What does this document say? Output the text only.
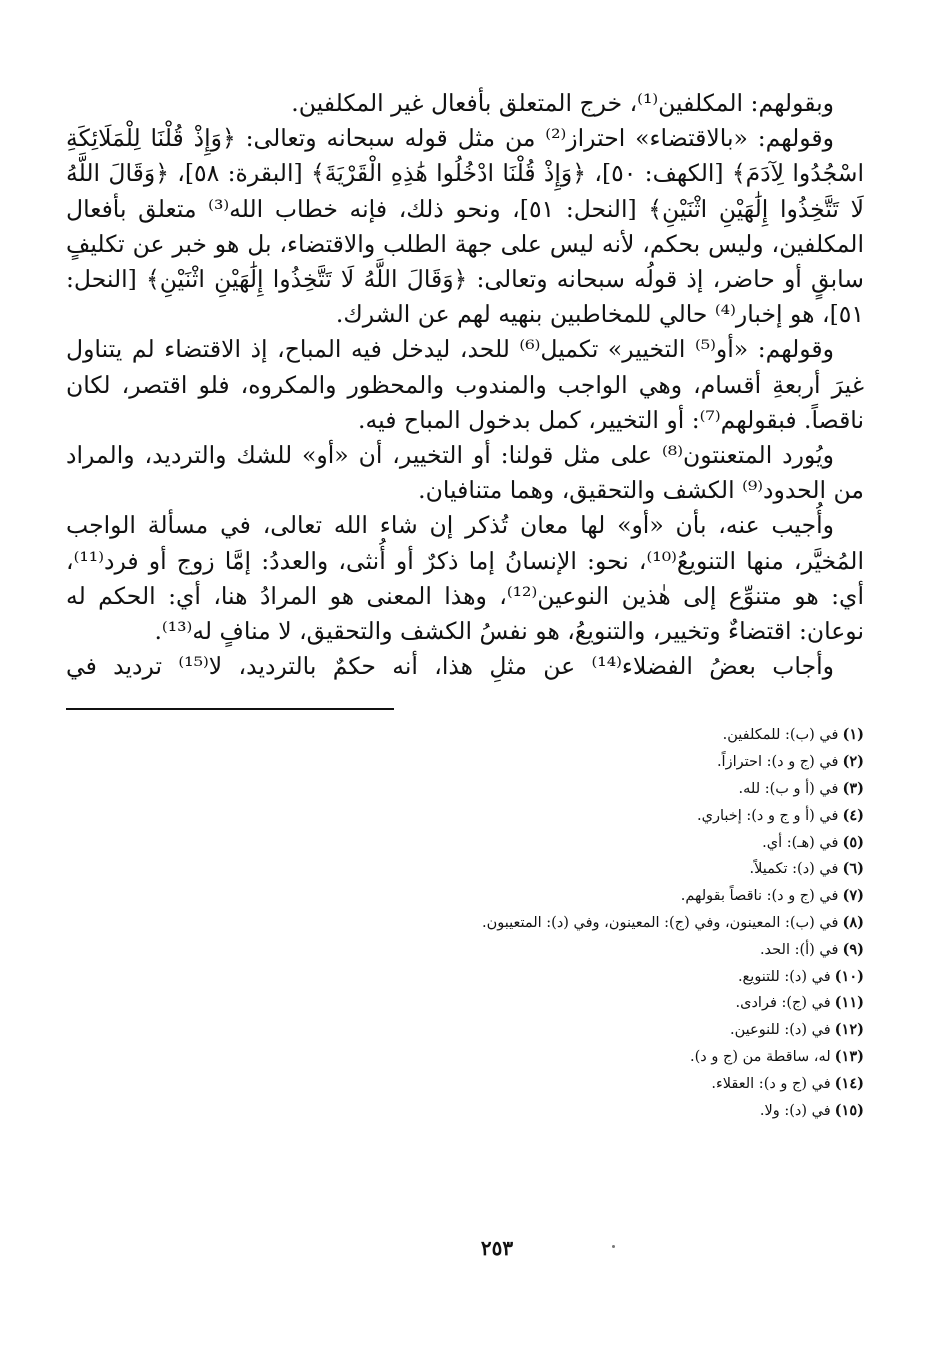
وبقولهم: المكلفين⁽¹⁾، خرج المتعلق بأفعال غير المكلفين.

وقولهم: «بالاقتضاء» احتراز⁽²⁾ من مثل قوله سبحانه وتعالى: ﴿وَإِذْ قُلْنَا لِلْمَلَائِكَةِ اسْجُدُوا لِآدَمَ﴾ [الكهف: ٥٠]، ﴿وَإِذْ قُلْنَا ادْخُلُوا هَٰذِهِ الْقَرْيَةَ﴾ [البقرة: ٥٨]، ﴿وَقَالَ اللَّهُ لَا تَتَّخِذُوا إِلَٰهَيْنِ اثْنَيْنِ﴾ [النحل: ٥١]، ونحو ذلك، فإنه خطاب الله⁽³⁾ متعلق بأفعال المكلفين، وليس بحكم، لأنه ليس على جهة الطلب والاقتضاء، بل هو خبر عن تكليفٍ سابقٍ أو حاضر، إذ قولُه سبحانه وتعالى: ﴿وَقَالَ اللَّهُ لَا تَتَّخِذُوا إِلَٰهَيْنِ اثْنَيْنِ﴾ [النحل: ٥١]، هو إخبار⁽⁴⁾ حالي للمخاطبين بنهيه لهم عن الشرك.

وقولهم: «أو⁽⁵⁾ التخيير» تكميل⁽⁶⁾ للحد، ليدخل فيه المباح، إذ الاقتضاء لم يتناول غيرَ أربعةِ أقسام، وهي الواجب والمندوب والمحظور والمكروه، فلو اقتصر، لكان ناقصاً. فبقولهم⁽⁷⁾: أو التخيير، كمل بدخول المباح فيه.

ويُورد المتعنتون⁽⁸⁾ على مثل قولنا: أو التخيير، أن «أو» للشك والترديد، والمراد من الحدود⁽⁹⁾ الكشف والتحقيق، وهما متنافيان.

وأُجيب عنه، بأن «أو» لها معان تُذكر إن شاء الله تعالى، في مسألة الواجب المُخيَّر، منها التنويعُ⁽¹⁰⁾، نحو: الإنسانُ إما ذكرٌ أو أُنثى، والعددُ: إمَّا زوج أو فرد⁽¹¹⁾، أي: هو متنوِّع إلى هٰذين النوعين⁽¹²⁾، وهذا المعنى هو المرادُ هنا، أي: الحكم له نوعان: اقتضاءٌ وتخيير، والتنويعُ، هو نفسُ الكشف والتحقيق، لا منافٍ له⁽¹³⁾.

وأجاب بعضُ الفضلاء⁽¹⁴⁾ عن مثلِ هذا، أنه حكمٌ بالترديد، لا⁽¹⁵⁾ ترديد في

(١)في (ب): للمكلفين.
(٢)في (ج و د): احترازاً.
(٣)في (أ و ب): لله.
(٤)في (أ و ج و د): إخباري.
(٥)في (هـ): أي.
(٦)في (د): تكميلاً.
(٧)في (ج و د): ناقصاً بقولهم.
(٨)في (ب): المعينون، وفي (ج): المعينون، وفي (د): المتعيبون.
(٩)في (أ): الحد.
(١٠)في (د): للتنويع.
(١١)في (ج): فرادى.
(١٢)في (د): للنوعين.
(١٣)له، ساقطة من (ج و د).
(١٤)في (ج و د): العقلاء.
(١٥)في (د): ولا.
٢٥٣
